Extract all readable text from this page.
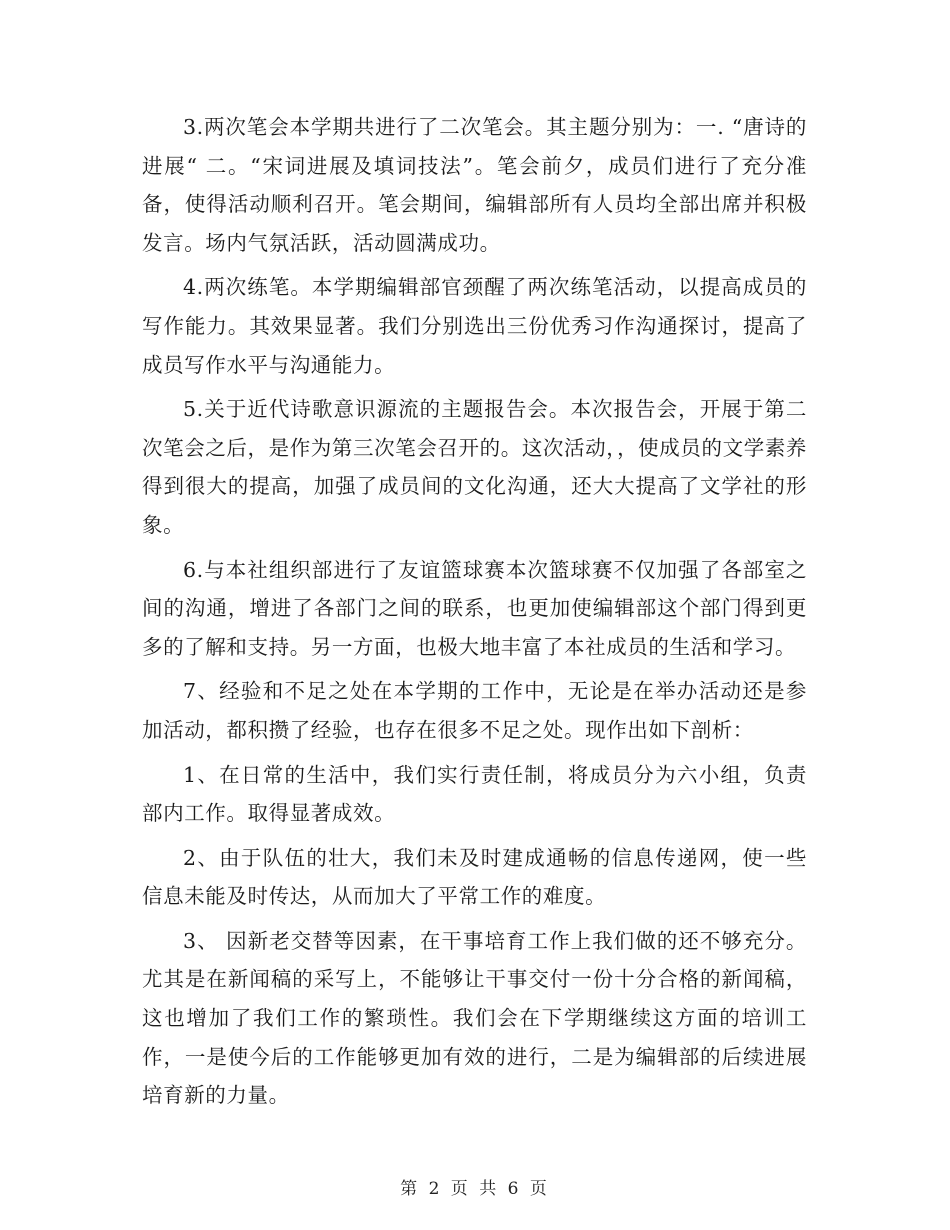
3.两次笔会本学期共进行了二次笔会。其主题分别为：一. “唐诗的进展“ 二。“宋词进展及填词技法”。笔会前夕，成员们进行了充分准备，使得活动顺利召开。笔会期间，编辑部所有人员均全部出席并积极发言。场内气氛活跃，活动圆满成功。

4.两次练笔。本学期编辑部官颈醒了两次练笔活动，以提高成员的写作能力。其效果显著。我们分别选出三份优秀习作沟通探讨，提高了成员写作水平与沟通能力。

5.关于近代诗歌意识源流的主题报告会。本次报告会，开展于第二次笔会之后，是作为第三次笔会召开的。这次活动，，使成员的文学素养得到很大的提高，加强了成员间的文化沟通，还大大提高了文学社的形象。

6.与本社组织部进行了友谊篮球赛本次篮球赛不仅加强了各部室之间的沟通，增进了各部门之间的联系，也更加使编辑部这个部门得到更多的了解和支持。另一方面，也极大地丰富了本社成员的生活和学习。

7、经验和不足之处在本学期的工作中，无论是在举办活动还是参加活动，都积攒了经验，也存在很多不足之处。现作出如下剖析：

1、在日常的生活中，我们实行责任制，将成员分为六小组，负责部内工作。取得显著成效。

2、由于队伍的壮大，我们未及时建成通畅的信息传递网，使一些信息未能及时传达，从而加大了平常工作的难度。

3、 因新老交替等因素，在干事培育工作上我们做的还不够充分。尤其是在新闻稿的采写上，不能够让干事交付一份十分合格的新闻稿，这也增加了我们工作的繁琐性。我们会在下学期继续这方面的培训工作，一是使今后的工作能够更加有效的进行，二是为编辑部的后续进展培育新的力量。

第 2 页 共 6 页
